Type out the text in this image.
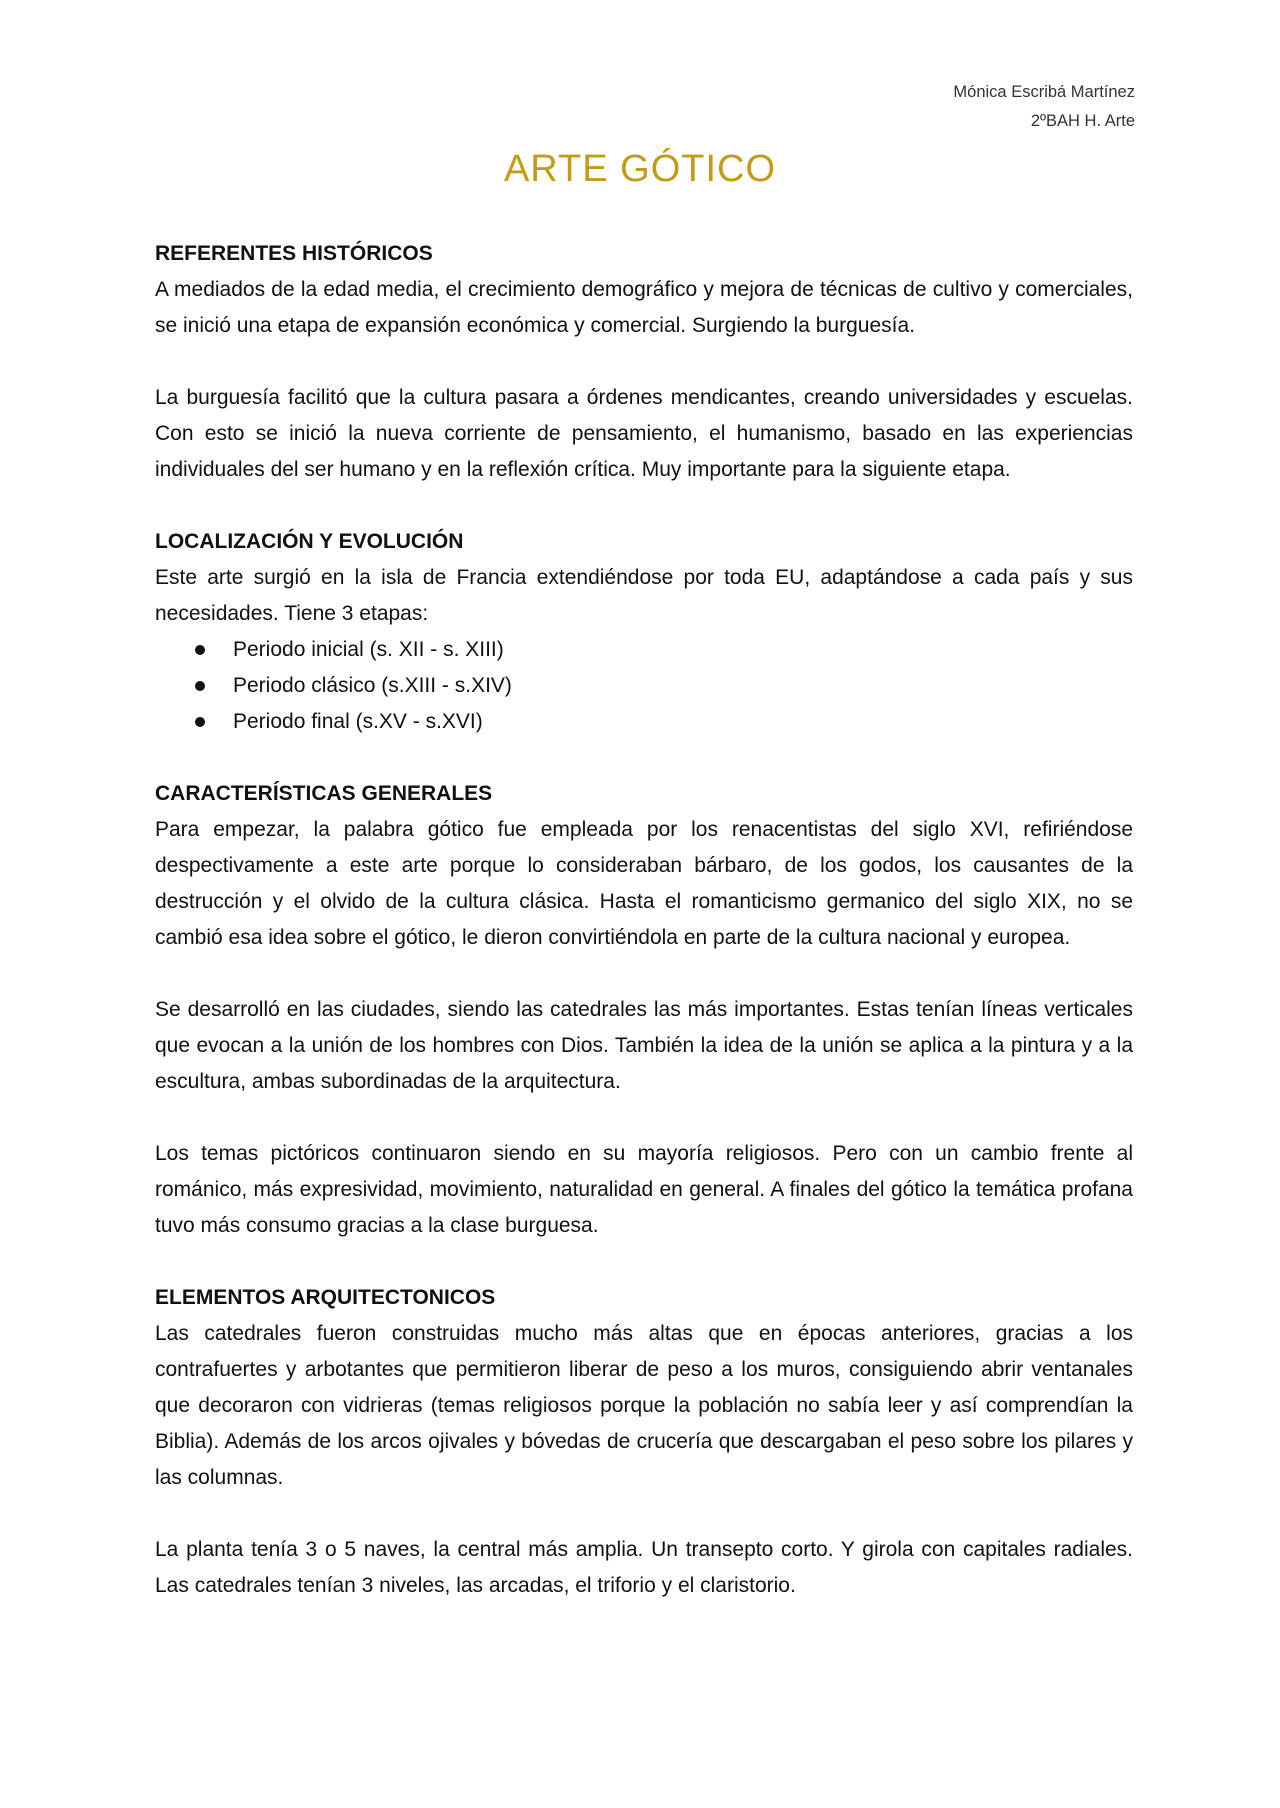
Mónica Escribá Martínez
2ºBAH H. Arte
ARTE GÓTICO

REFERENTES HISTÓRICOS

A mediados de la edad media, el crecimiento demográfico y mejora de técnicas de cultivo y comerciales, se inició una etapa de expansión económica y comercial. Surgiendo la burguesía.

La burguesía facilitó que la cultura pasara a órdenes mendicantes, creando universidades y escuelas. Con esto se inició la nueva corriente de pensamiento, el humanismo, basado en las experiencias individuales del ser humano y en la reflexión crítica. Muy importante para la siguiente etapa.

LOCALIZACIÓN Y EVOLUCIÓN

Este arte surgió en la isla de Francia extendiéndose por toda EU, adaptándose a cada país y sus necesidades. Tiene 3 etapas:

Periodo inicial (s. XII - s. XIII)
Periodo clásico (s.XIII - s.XIV)
Periodo final (s.XV - s.XVI)

CARACTERÍSTICAS GENERALES

Para empezar, la palabra gótico fue empleada por los renacentistas del siglo XVI, refiriéndose despectivamente a este arte porque lo consideraban bárbaro, de los godos, los causantes de la destrucción y el olvido de la cultura clásica. Hasta el romanticismo germanico del siglo XIX, no se cambió esa idea sobre el gótico, le dieron convirtiéndola en parte de la cultura nacional y europea.

Se desarrolló en las ciudades, siendo las catedrales las más importantes. Estas tenían líneas verticales que evocan a la unión de los hombres con Dios. También la idea de la unión se aplica a la pintura y a la escultura, ambas subordinadas de la arquitectura.

Los temas pictóricos continuaron siendo en su mayoría religiosos. Pero con un cambio frente al románico, más expresividad, movimiento, naturalidad en general. A finales del gótico la temática profana tuvo más consumo gracias a la clase burguesa.

ELEMENTOS ARQUITECTONICOS

Las catedrales fueron construidas mucho más altas que en épocas anteriores, gracias a los contrafuertes y arbotantes que permitieron liberar de peso a los muros, consiguiendo abrir ventanales que decoraron con vidrieras (temas religiosos porque la población no sabía leer y así comprendían la Biblia). Además de los arcos ojivales y bóvedas de crucería que descargaban el peso sobre los pilares y las columnas.

La planta tenía 3 o 5 naves, la central más amplia. Un transepto corto. Y girola con capitales radiales. Las catedrales tenían 3 niveles, las arcadas, el triforio y el claristorio.
